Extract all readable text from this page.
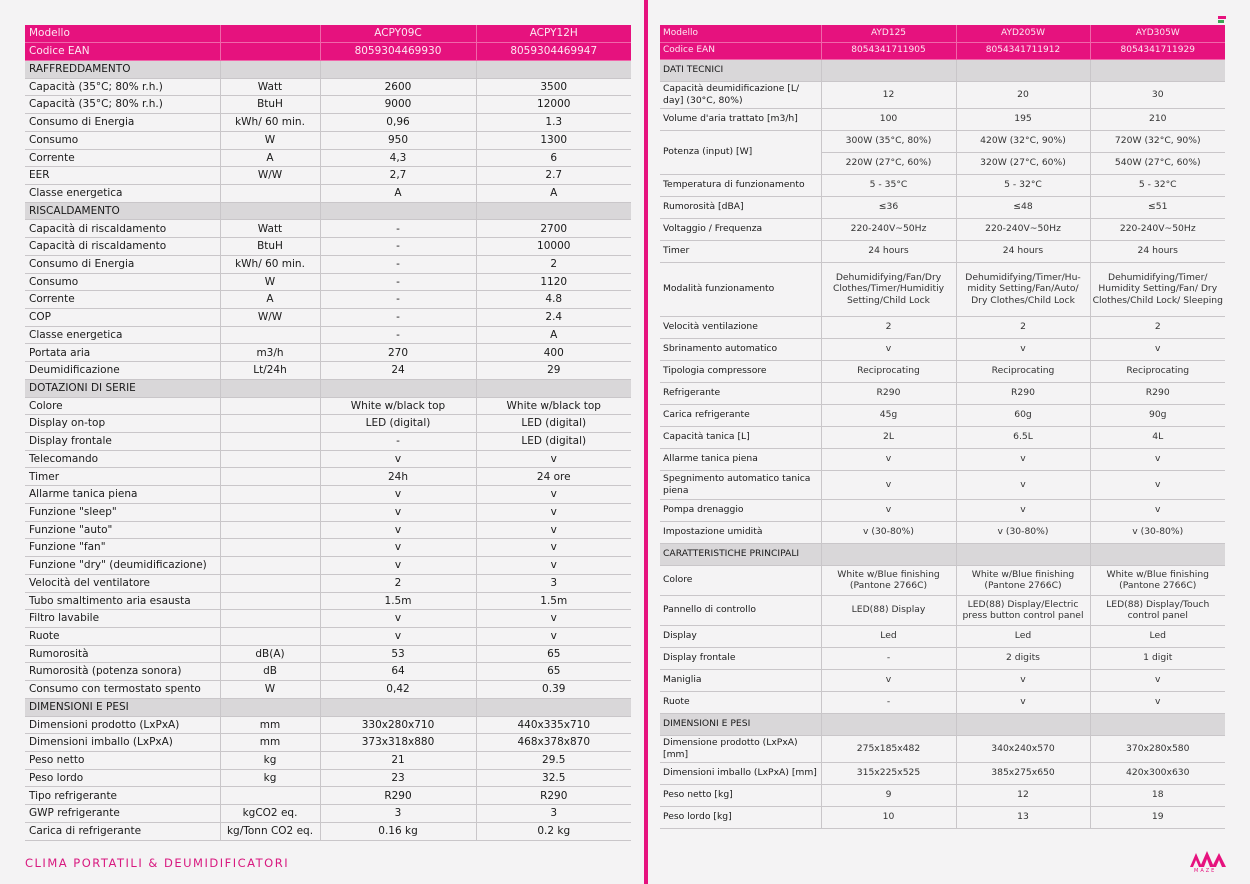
Modello		ACPY09C	ACPY12H
Codice EAN		8059304469930	8059304469947
RAFFREDDAMENTO			
Capacità (35°C; 80% r.h.)	Watt	2600	3500
Capacità (35°C; 80% r.h.)	BtuH	9000	12000
Consumo di Energia	kWh/ 60 min.	0,96	1.3
Consumo	W	950	1300
Corrente	A	4,3	6
EER	W/W	2,7	2.7
Classe energetica		A	A
RISCALDAMENTO			
Capacità di riscaldamento	Watt	-	2700
Capacità di riscaldamento	BtuH	-	10000
Consumo di Energia	kWh/ 60 min.	-	2
Consumo	W	-	1120
Corrente	A	-	4.8
COP	W/W	-	2.4
Classe energetica		-	A
Portata aria	m3/h	270	400
Deumidificazione	Lt/24h	24	29
DOTAZIONI DI SERIE			
Colore		White w/black top	White w/black top
Display on-top		LED (digital)	LED (digital)
Display frontale		-	LED (digital)
Telecomando		v	v
Timer		24h	24 ore
Allarme tanica piena		v	v
Funzione "sleep"		v	v
Funzione "auto"		v	v
Funzione "fan"		v	v
Funzione "dry" (deumidificazione)		v	v
Velocità del ventilatore		2	3
Tubo smaltimento aria esausta		1.5m	1.5m
Filtro lavabile		v	v
Ruote		v	v
Rumorosità	dB(A)	53	65
Rumorosità (potenza sonora)	dB	64	65
Consumo con termostato spento	W	0,42	0.39
DIMENSIONI E PESI			
Dimensioni prodotto (LxPxA)	mm	330x280x710	440x335x710
Dimensioni imballo (LxPxA)	mm	373x318x880	468x378x870
Peso netto	kg	21	29.5
Peso lordo	kg	23	32.5
Tipo refrigerante		R290	R290
GWP refrigerante	kgCO2 eq.	3	3
Carica di refrigerante	kg/Tonn CO2 eq.	0.16 kg	0.2 kg
Modello	AYD125	AYD205W	AYD305W
Codice EAN	8054341711905	8054341711912	8054341711929
DATI TECNICI			
Capacità deumidificazione [L/ day] (30°C, 80%)	12	20	30
Volume d'aria trattato [m3/h]	100	195	210
Potenza (input) [W]	300W (35°C, 80%)	420W (32°C, 90%)	720W (32°C, 90%)
	220W (27°C, 60%)	320W (27°C, 60%)	540W (27°C, 60%)
Temperatura di funzionamento	5 - 35°C	5 - 32°C	5 - 32°C
Rumorosità [dBA]	≤36	≤48	≤51
Voltaggio / Frequenza	220-240V~50Hz	220-240V~50Hz	220-240V~50Hz
Timer	24 hours	24 hours	24 hours
Modalità funzionamento	Dehumidifying/Fan/Dry Clothes/Timer/Humiditiy Setting/Child Lock	Dehumidifying/Timer/Hu-midity Setting/Fan/Auto/ Dry Clothes/Child Lock	Dehumidifying/Timer/ Humidity Setting/Fan/ Dry Clothes/Child Lock/ Sleeping
Velocità ventilazione	2	2	2
Sbrinamento automatico	v	v	v
Tipologia compressore	Reciprocating	Reciprocating	Reciprocating
Refrigerante	R290	R290	R290
Carica refrigerante	45g	60g	90g
Capacità tanica [L]	2L	6.5L	4L
Allarme tanica piena	v	v	v
Spegnimento automatico tanica piena	v	v	v
Pompa drenaggio	v	v	v
Impostazione umidità	v (30-80%)	v (30-80%)	v (30-80%)
CARATTERISTICHE PRINCIPALI			
Colore	White w/Blue finishing (Pantone 2766C)	White w/Blue finishing (Pantone 2766C)	White w/Blue finishing (Pantone 2766C)
Pannello di controllo	LED(88) Display	LED(88) Display/Electric press button control panel	LED(88) Display/Touch control panel
Display	Led	Led	Led
Display frontale	-	2 digits	1 digit
Maniglia	v	v	v
Ruote	-	v	v
DIMENSIONI E PESI			
Dimensione prodotto (LxPxA) [mm]	275x185x482	340x240x570	370x280x580
Dimensioni imballo (LxPxA) [mm]	315x225x525	385x275x650	420x300x630
Peso netto [kg]	9	12	18
Peso lordo [kg]	10	13	19
CLIMA PORTATILI & DEUMIDIFICATORI
MAZE
